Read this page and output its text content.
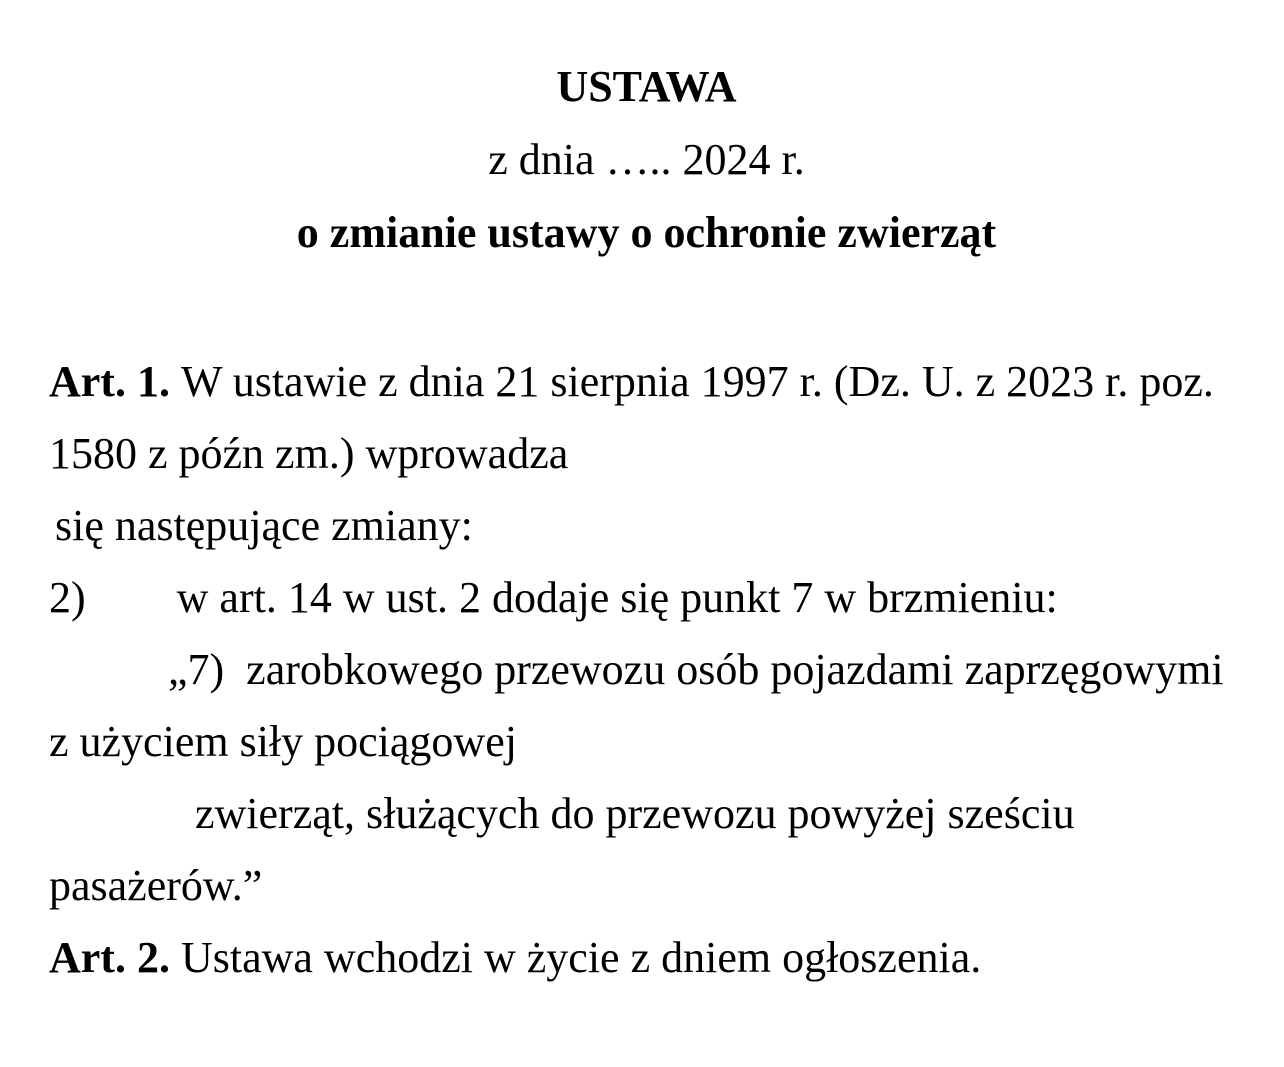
USTAWA
z dnia ….. 2024 r.
o zmianie ustawy o ochronie zwierząt
Art. 1. W ustawie z dnia 21 sierpnia 1997 r. (Dz. U. z 2023 r. poz.
1580 z późn zm.) wprowadza
się następujące zmiany:
2) w art. 14 w ust. 2 dodaje się punkt 7 w brzmieniu:
„7)  zarobkowego przewozu osób pojazdami zaprzęgowymi
z użyciem siły pociągowej
zwierząt, służących do przewozu powyżej sześciu
pasażerów.”
Art. 2. Ustawa wchodzi w życie z dniem ogłoszenia.
